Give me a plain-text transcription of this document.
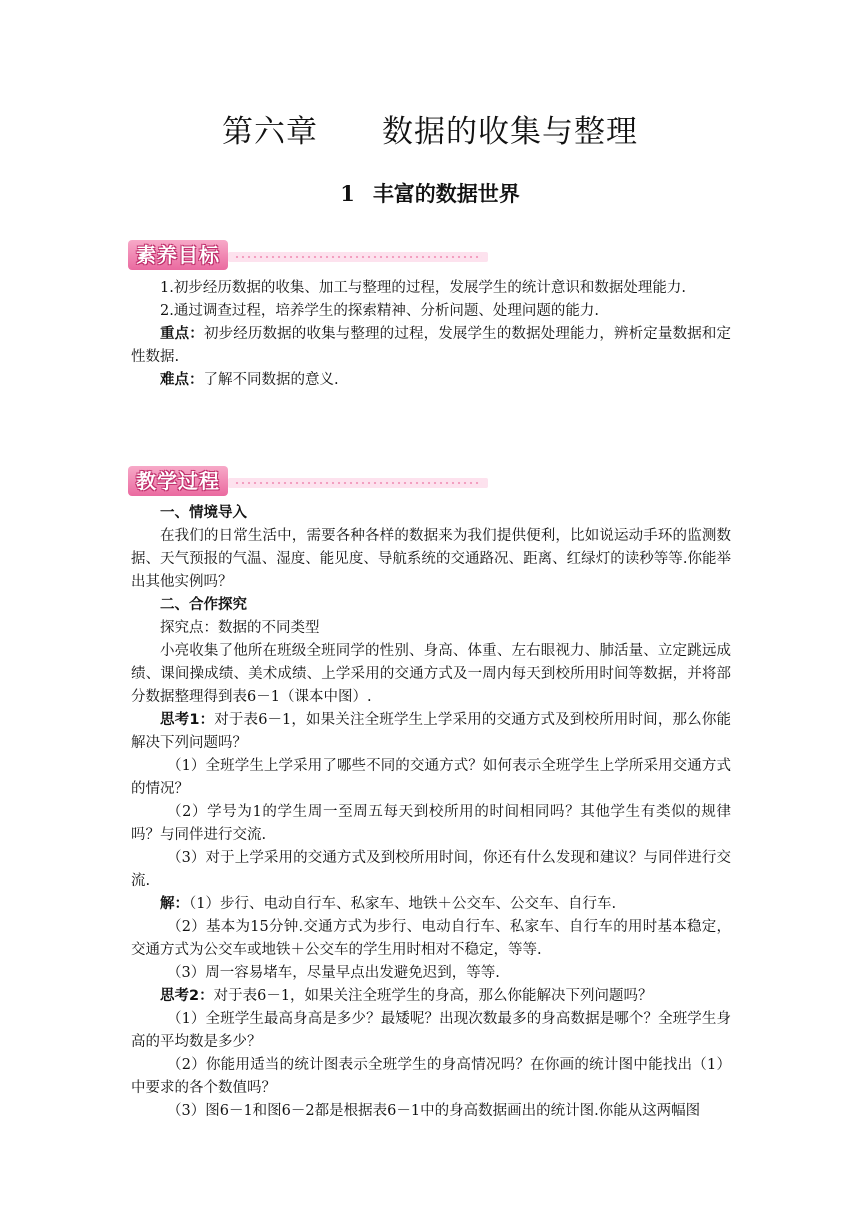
第六章 数据的收集与整理
1 丰富的数据世界
素养目标

1.初步经历数据的收集、加工与整理的过程，发展学生的统计意识和数据处理能力.

2.通过调查过程，培养学生的探索精神、分析问题、处理问题的能力.

重点：初步经历数据的收集与整理的过程，发展学生的数据处理能力，辨析定量数据和定性数据.

难点：了解不同数据的意义.

教学过程

一、情境导入

在我们的日常生活中，需要各种各样的数据来为我们提供便利，比如说运动手环的监测数据、天气预报的气温、湿度、能见度、导航系统的交通路况、距离、红绿灯的读秒等等.你能举出其他实例吗？

二、合作探究

探究点：数据的不同类型

小亮收集了他所在班级全班同学的性别、身高、体重、左右眼视力、肺活量、立定跳远成绩、课间操成绩、美术成绩、上学采用的交通方式及一周内每天到校所用时间等数据，并将部分数据整理得到表6－1（课本中图）.

思考1：对于表6－1，如果关注全班学生上学采用的交通方式及到校所用时间，那么你能解决下列问题吗？

（1）全班学生上学采用了哪些不同的交通方式？如何表示全班学生上学所采用交通方式的情况？

（2）学号为1的学生周一至周五每天到校所用的时间相同吗？其他学生有类似的规律吗？与同伴进行交流.

（3）对于上学采用的交通方式及到校所用时间，你还有什么发现和建议？与同伴进行交流.

解：（1）步行、电动自行车、私家车、地铁＋公交车、公交车、自行车.

（2）基本为15分钟.交通方式为步行、电动自行车、私家车、自行车的用时基本稳定，交通方式为公交车或地铁＋公交车的学生用时相对不稳定，等等.

（3）周一容易堵车，尽量早点出发避免迟到，等等.

思考2：对于表6－1，如果关注全班学生的身高，那么你能解决下列问题吗？

（1）全班学生最高身高是多少？最矮呢？出现次数最多的身高数据是哪个？全班学生身高的平均数是多少？

（2）你能用适当的统计图表示全班学生的身高情况吗？在你画的统计图中能找出（1）中要求的各个数值吗？

（3）图6－1和图6－2都是根据表6－1中的身高数据画出的统计图.你能从这两幅图
